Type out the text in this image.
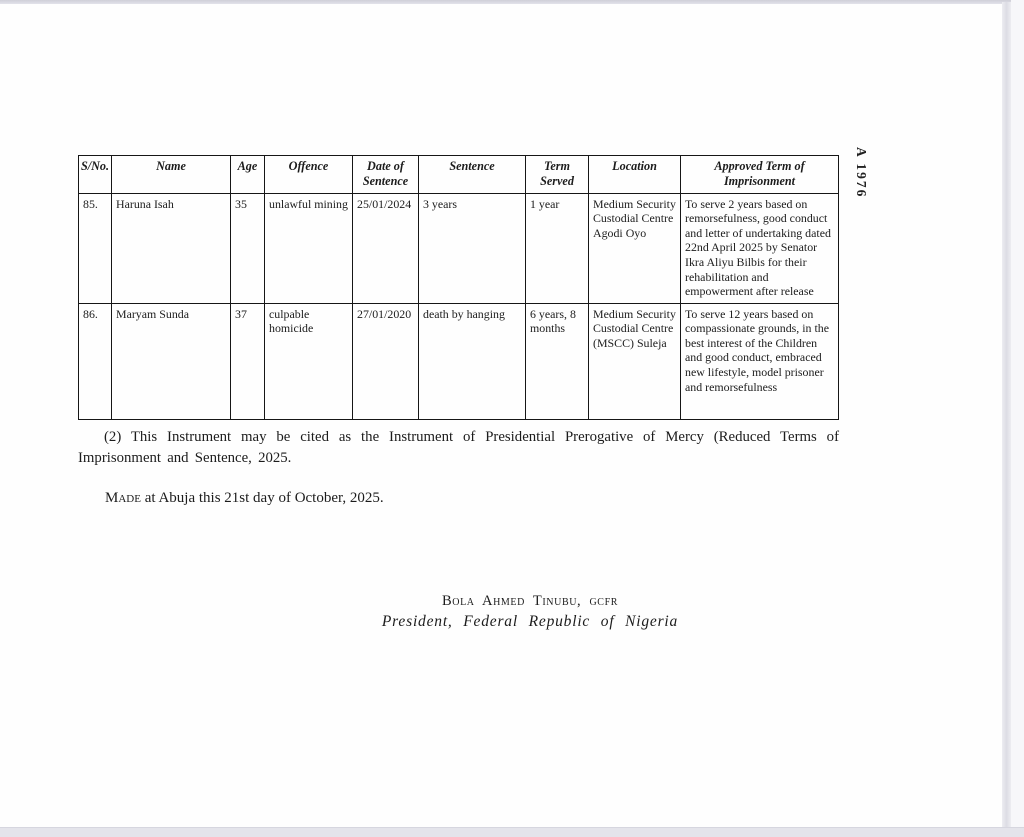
A 1976
S/No.	Name	Age	Offence	Date of Sentence	Sentence	Term Served	Location	Approved Term of Imprisonment
85.	Haruna Isah	35	unlawful mining	25/01/2024	3 years	1 year	Medium Security Custodial Centre Agodi Oyo	To serve 2 years based on remorsefulness, good conduct and letter of undertaking dated 22nd April 2025 by Senator Ikra Aliyu Bilbis for their rehabilitation and empowerment after release
86.	Maryam Sunda	37	culpable homicide	27/01/2020	death by hanging	6 years, 8 months	Medium Security Custodial Centre (MSCC) Suleja	To serve 12 years based on compassionate grounds, in the best interest of the Children and good conduct, embraced new lifestyle, model prisoner and remorsefulness

(2) This Instrument may be cited as the Instrument of Presidential Prerogative of Mercy (Reduced Terms of Imprisonment and Sentence, 2025.

Made at Abuja this 21st day of October, 2025.

Bola Ahmed Tinubu, gcfr
President, Federal Republic of Nigeria
